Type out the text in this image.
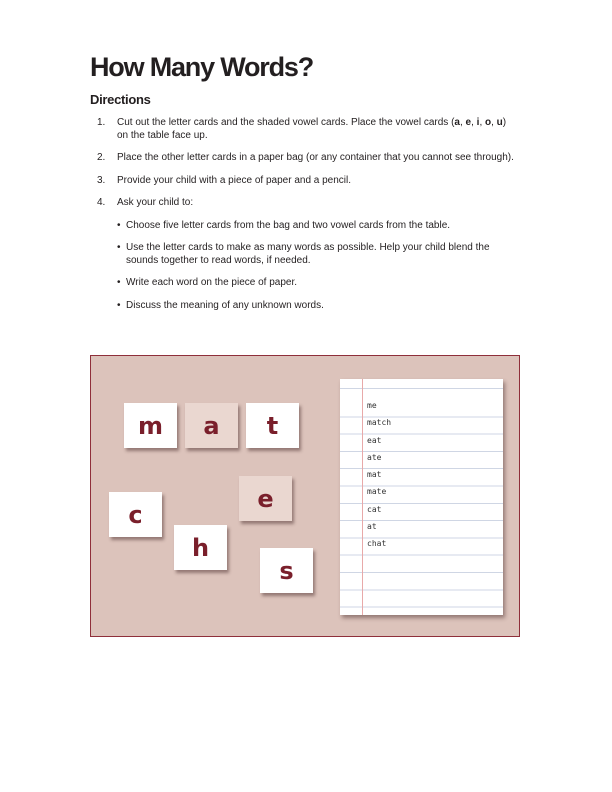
How Many Words?
Directions
1. Cut out the letter cards and the shaded vowel cards. Place the vowel cards (a, e, i, o, u) on the table face up.
2. Place the other letter cards in a paper bag (or any container that you cannot see through).
3. Provide your child with a piece of paper and a pencil.
4. Ask your child to:
• Choose five letter cards from the bag and two vowel cards from the table.
• Use the letter cards to make as many words as possible. Help your child blend the sounds together to read words, if needed.
• Write each word on the piece of paper.
• Discuss the meaning of any unknown words.
m	a	t
e
c
h
s
me
match
eat
ate
mat
mate
cat
at
chat
